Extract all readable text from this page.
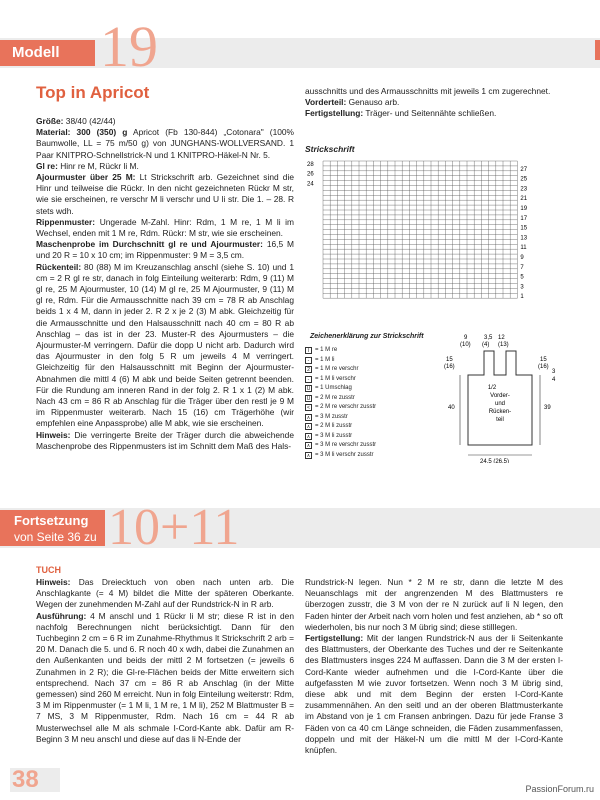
Modell 19
Top in Apricot

Größe: 38/40 (42/44)

Material: 300 (350) g Apricot (Fb 130-844) „Cotonara" (100% Baumwolle, LL = 75 m/50 g) von JUNGHANS-WOLLVERSAND. 1 Paar KNITPRO-Schnellstrick-N und 1 KNITPRO-Häkel-N Nr. 5.

Gl re: Hinr re M, Rückr li M.

Ajourmuster über 25 M: Lt Strickschrift arb. Gezeichnet sind die Hinr und teilweise die Rückr. In den nicht gezeichneten Rückr M str, wie sie erscheinen, re verschr M li verschr und U li str. Die 1. – 28. R stets wdh.

Rippenmuster: Ungerade M-Zahl. Hinr: Rdm, 1 M re, 1 M li im Wechsel, enden mit 1 M re, Rdm. Rückr: M str, wie sie erscheinen.

Maschenprobe im Durchschnitt gl re und Ajourmuster: 16,5 M und 20 R = 10 x 10 cm; im Rippenmuster: 9 M = 3,5 cm.

Rückenteil: 80 (88) M im Kreuzanschlag anschl (siehe S. 10) und 1 cm = 2 R gl re str, danach in folg Einteilung weiterarb: Rdm, 9 (11) M gl re, 25 M Ajourmuster, 10 (14) M gl re, 25 M Ajourmuster, 9 (11) M gl re, Rdm. Für die Armausschnitte nach 39 cm = 78 R ab Anschlag beids 1 x 4 M, dann in jeder 2. R 2 x je 2 (3) M abk. Gleichzeitig für die Armausschnitte und den Halsausschnitt nach 40 cm = 80 R ab Anschlag – das ist in der 23. Muster-R des Ajourmusters – die Ajourmuster-M verringern. Dafür die dopp U nicht arb. Dadurch wird das Ajourmuster in den folg 5 R um jeweils 4 M verringert. Gleichzeitig für den Halsausschnitt mit Beginn der Ajourmuster-Abnahmen die mittl 4 (6) M abk und beide Seiten getrennt beenden. Für die Rundung am inneren Rand in der folg 2. R 1 x 1 (2) M abk. Nach 43 cm = 86 R ab Anschlag für die Träger über den restl je 9 M im Rippenmuster weiterarb. Nach 15 (16) cm Trägerhöhe (wir empfehlen eine Anpassprobe) alle M abk, wie sie erscheinen.

Hinweis: Die verringerte Breite der Träger durch die abweichende Maschenprobe des Rippenmusters ist im Schnitt dem Maß des Hals-

ausschnitts und des Armausschnitts mit jeweils 1 cm zugerechnet.

Vorderteil: Genauso arb.

Fertigstellung: Träger- und Seitennähte schließen.

Strickschrift
28
26
24
27
25
23
21
19
17
15
13
11
9
7
5
3
1
Zeichenerklärung zur Strickschrift
I = 1 M re
- = 1 M li
2 = 1 M re verschr
- = 1 M li verschr
U = 1 Umschlag
U = 2 M re zusstr
< = 2 M re verschr zusstr
∧ = 3 M zusstr
∧ = 2 M li zusstr
∧ = 3 M li zusstr
∧ = 3 M re verschr zusstr
∧ = 3 M li verschr zusstr
9	3,5 12
(10) (4) (13)
15
(16)
40
15
(16)
3
4
39
1/2
Vorder-
und
Rücken-
teil
24,5 (26,5)
Fortsetzung
von Seite 36 zu 10+11
TUCH

Hinweis: Das Dreiecktuch von oben nach unten arb. Die Anschlagkante (= 4 M) bildet die Mitte der späteren Oberkante. Wegen der zunehmenden M-Zahl auf der Rundstrick-N in R arb.

Ausführung: 4 M anschl und 1 Rückr li M str; diese R ist in den nachfolg Berechnungen nicht berücksichtigt. Dann für den Tuchbeginn 2 cm = 6 R im Zunahme-Rhythmus lt Strickschrift 2 arb = 20 M. Danach die 5. und 6. R noch 40 x wdh, dabei die Zunahmen an den Außenkanten und beids der mittl 2 M fortsetzen (= jeweils 6 Zunahmen in 2 R); die Gl-re-Flächen beids der Mitte erweitern sich entsprechend. Nach 37 cm = 86 R ab Anschlag (in der Mitte gemessen) sind 260 M erreicht. Nun in folg Einteilung weiterstr: Rdm, 3 M im Rippenmuster (= 1 M li, 1 M re, 1 M li), 252 M Blattmuster B = 7 MS, 3 M Rippenmuster, Rdm. Nach 16 cm = 44 R ab Musterwechsel alle M als schmale I-Cord-Kante abk. Dafür am R-Beginn 3 M neu anschl und diese auf das li N-Ende der

Rundstrick-N legen. Nun * 2 M re str, dann die letzte M des Neuanschlags mit der angrenzenden M des Blattmusters re überzogen zusstr, die 3 M von der re N zurück auf li N legen, den Faden hinter der Arbeit nach vorn holen und fest anziehen, ab * so oft wiederholen, bis nur noch 3 M übrig sind; diese stilllegen.

Fertigstellung: Mit der langen Rundstrick-N aus der li Seitenkante des Blattmusters, der Oberkante des Tuches und der re Seitenkante des Blattmusters insges 224 M auffassen. Dann die 3 M der ersten I-Cord-Kante wieder aufnehmen und die I-Cord-Kante über die aufgefassten M wie zuvor fortsetzen. Wenn noch 3 M übrig sind, diese abk und mit dem Beginn der ersten I-Cord-Kante zusammennähen. An den seitl und an der oberen Blattmusterkante im Abstand von je 1 cm Fransen anbringen. Dazu für jede Franse 3 Fäden von ca 40 cm Länge schneiden, die Fäden zusammenfassen, doppeln und mit der Häkel-N um die mittl M der I-Cord-Kante knüpfen.

38	PassionForum.ru
